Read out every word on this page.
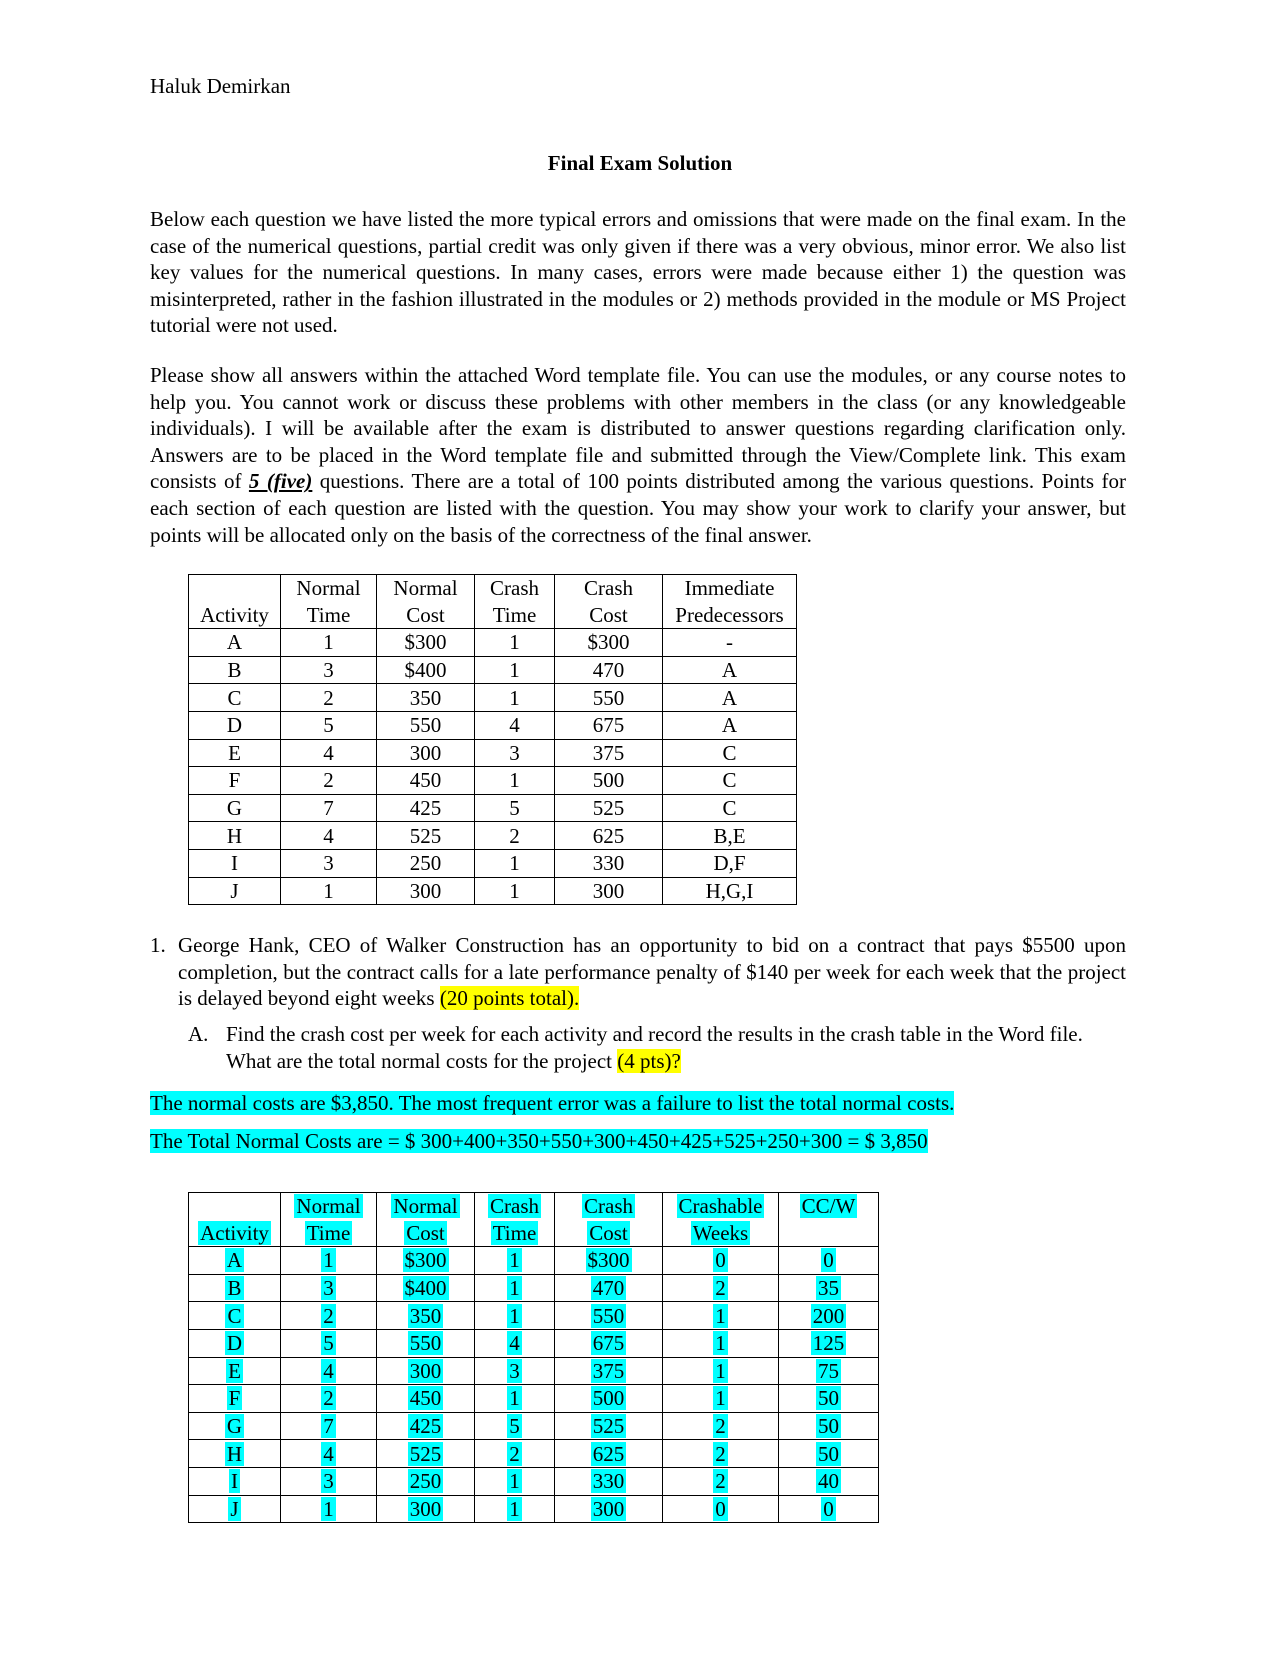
Haluk Demirkan
Final Exam Solution
Below each question we have listed the more typical errors and omissions that were made on the final exam. In the case of the numerical questions, partial credit was only given if there was a very obvious, minor error. We also list key values for the numerical questions. In many cases, errors were made because either 1) the question was misinterpreted, rather in the fashion illustrated in the modules or 2) methods provided in the module or MS Project tutorial were not used.
Please show all answers within the attached Word template file. You can use the modules, or any course notes to help you. You cannot work or discuss these problems with other members in the class (or any knowledgeable individuals). I will be available after the exam is distributed to answer questions regarding clarification only. Answers are to be placed in the Word template file and submitted through the View/Complete link. This exam consists of 5 (five) questions. There are a total of 100 points distributed among the various questions. Points for each section of each question are listed with the question. You may show your work to clarify your answer, but points will be allocated only on the basis of the correctness of the final answer.
	Normal	Normal	Crash	Crash	Immediate
Activity	Time	Cost	Time	Cost	Predecessors
A	1	$300	1	$300	-
B	3	$400	1	470	A
C	2	350	1	550	A
D	5	550	4	675	A
E	4	300	3	375	C
F	2	450	1	500	C
G	7	425	5	525	C
H	4	525	2	625	B,E
I	3	250	1	330	D,F
J	1	300	1	300	H,G,I
1. George Hank, CEO of Walker Construction has an opportunity to bid on a contract that pays $5500 upon completion, but the contract calls for a late performance penalty of $140 per week for each week that the project is delayed beyond eight weeks (20 points total).
A. Find the crash cost per week for each activity and record the results in the crash table in the Word file. What are the total normal costs for the project (4 pts)?
The normal costs are $3,850. The most frequent error was a failure to list the total normal costs.
The Total Normal Costs are = $ 300+400+350+550+300+450+425+525+250+300 = $ 3,850
	Normal	Normal	Crash	Crash	Crashable	CC/W
Activity	Time	Cost	Time	Cost	Weeks	
A	1	$300	1	$300	0	0
B	3	$400	1	470	2	35
C	2	350	1	550	1	200
D	5	550	4	675	1	125
E	4	300	3	375	1	75
F	2	450	1	500	1	50
G	7	425	5	525	2	50
H	4	525	2	625	2	50
I	3	250	1	330	2	40
J	1	300	1	300	0	0
